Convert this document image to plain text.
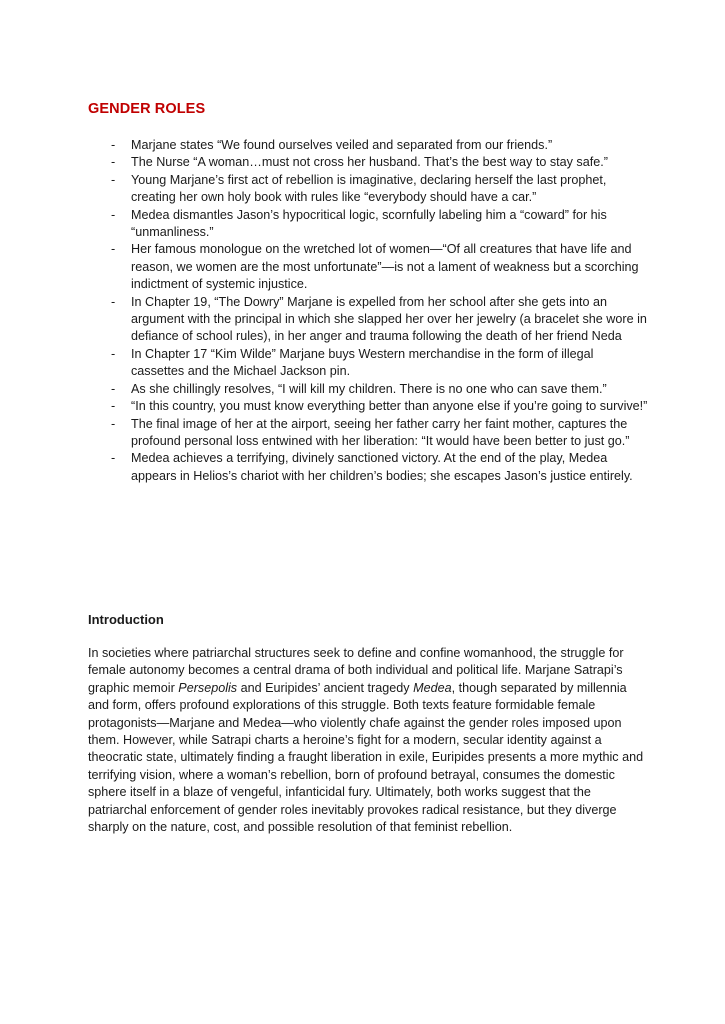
GENDER ROLES
- Marjane states “We found ourselves veiled and separated from our friends.”
- The Nurse “A woman…must not cross her husband. That’s the best way to stay safe.”
- Young Marjane’s first act of rebellion is imaginative, declaring herself the last prophet, creating her own holy book with rules like “everybody should have a car.”
- Medea dismantles Jason’s hypocritical logic, scornfully labeling him a “coward” for his “unmanliness.”
- Her famous monologue on the wretched lot of women—“Of all creatures that have life and reason, we women are the most unfortunate”—is not a lament of weakness but a scorching indictment of systemic injustice.
- In Chapter 19, “The Dowry” Marjane is expelled from her school after she gets into an argument with the principal in which she slapped her over her jewelry (a bracelet she wore in defiance of school rules), in her anger and trauma following the death of her friend Neda
- In Chapter 17 “Kim Wilde” Marjane buys Western merchandise in the form of illegal cassettes and the Michael Jackson pin.
- As she chillingly resolves, “I will kill my children. There is no one who can save them.”
- “In this country, you must know everything better than anyone else if you’re going to survive!”
- The final image of her at the airport, seeing her father carry her faint mother, captures the profound personal loss entwined with her liberation: “It would have been better to just go.”
- Medea achieves a terrifying, divinely sanctioned victory. At the end of the play, Medea appears in Helios’s chariot with her children’s bodies; she escapes Jason’s justice entirely.
Introduction

In societies where patriarchal structures seek to define and confine womanhood, the struggle for female autonomy becomes a central drama of both individual and political life. Marjane Satrapi’s graphic memoir Persepolis and Euripides’ ancient tragedy Medea, though separated by millennia and form, offers profound explorations of this struggle. Both texts feature formidable female protagonists—Marjane and Medea—who violently chafe against the gender roles imposed upon them. However, while Satrapi charts a heroine’s fight for a modern, secular identity against a theocratic state, ultimately finding a fraught liberation in exile, Euripides presents a more mythic and terrifying vision, where a woman’s rebellion, born of profound betrayal, consumes the domestic sphere itself in a blaze of vengeful, infanticidal fury. Ultimately, both works suggest that the patriarchal enforcement of gender roles inevitably provokes radical resistance, but they diverge sharply on the nature, cost, and possible resolution of that feminist rebellion.
